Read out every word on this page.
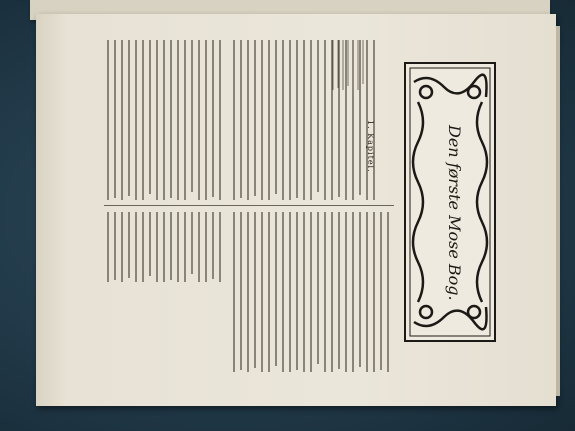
Den første Mose Bog.
1. Kapitel.
